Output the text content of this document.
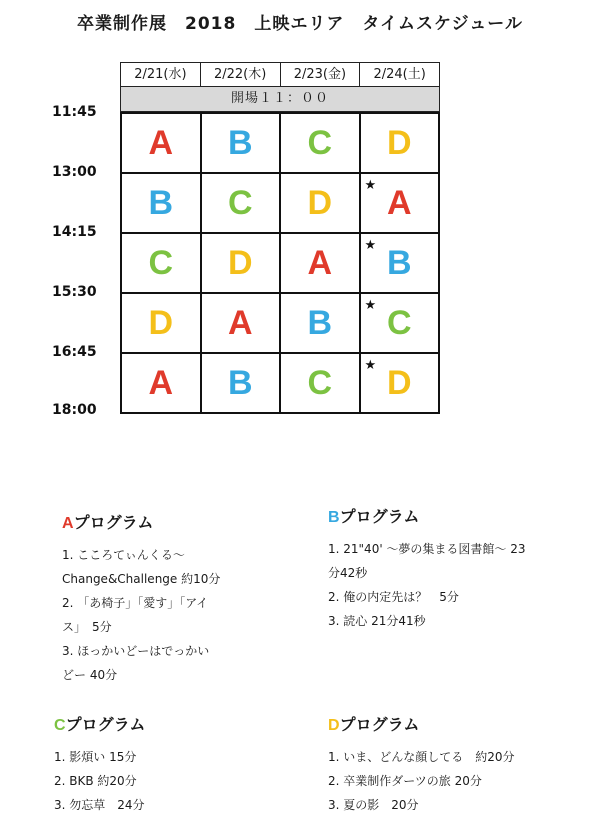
卒業制作展　2018　上映エリア　タイムスケジュール
11:45
13:00
14:15
15:30
16:45
18:00
2/21(水)	2/22(木)	2/23(金)	2/24(土)
開場１１：００
A B C D
B C D ★ A
C D A ★ B
D A B ★ C
A B C ★ D
Aプログラム
1. こころてぃんくる〜
Change&Challenge 約10分
2. 「あ椅子」「愛す」「アイ
ス」　5分
3. ほっかいどーはでっかい
どー 40分
Bプログラム
1. 21"40' 〜夢の集まる図書館〜 23
分42秒
2. 俺の内定先は？　5分
3. 読心 21分41秒
Cプログラム
1. 影煩い 15分
2. BKB 約20分
3. 勿忘草　24分
Dプログラム
1. いま、どんな顔してる　約20分
2. 卒業制作ダーツの旅 20分
3. 夏の影　20分
